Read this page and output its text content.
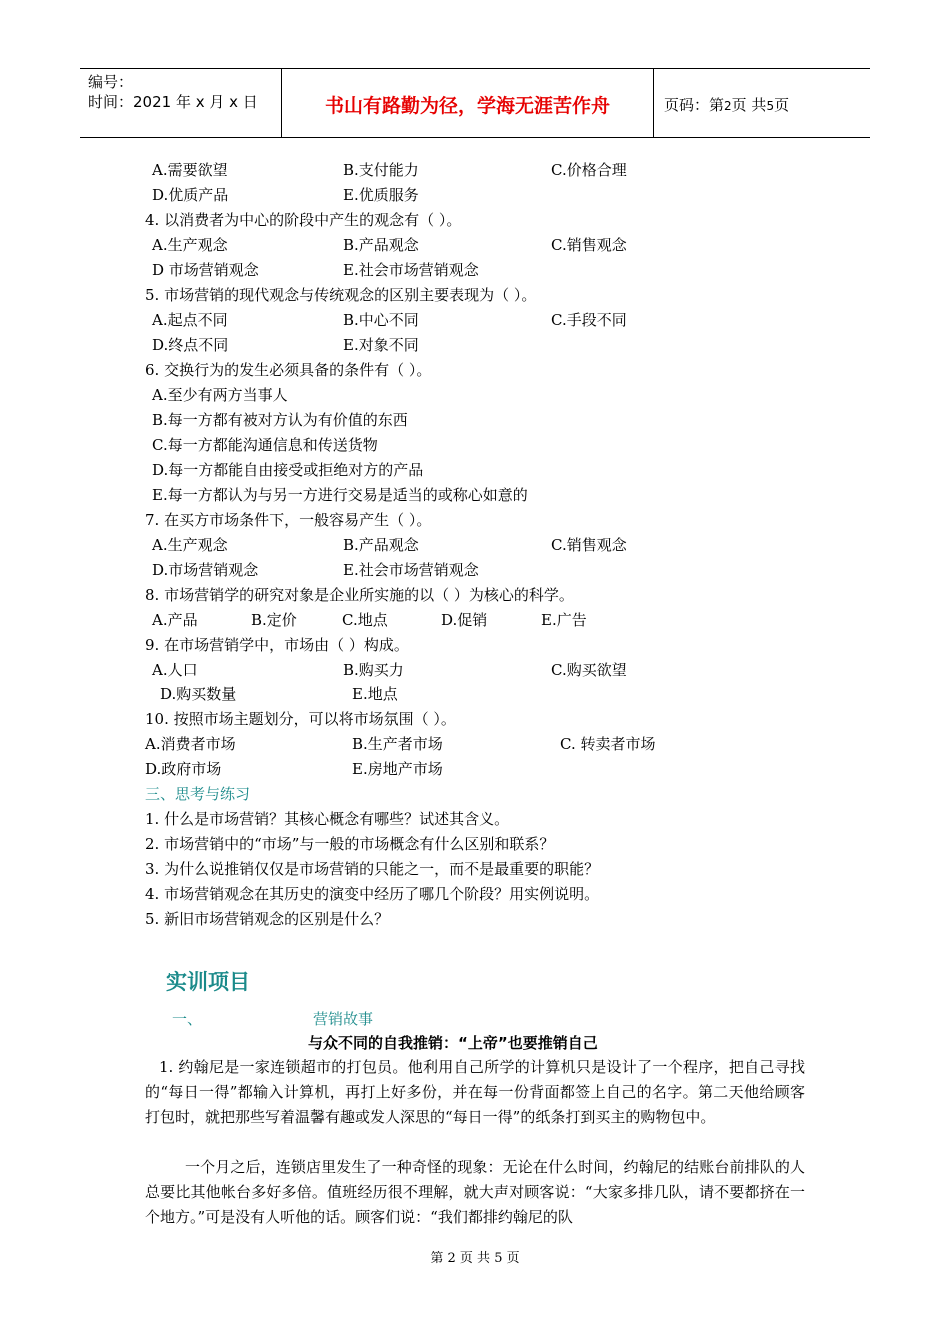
编号：
时间：2021 年 x 月 x 日	书山有路勤为径，学海无涯苦作舟	页码：第2页 共5页
A.需要欲望	B.支付能力	C.价格合理
D.优质产品	E.优质服务
4. 以消费者为中心的阶段中产生的观念有（ ）。
A.生产观念	B.产品观念	C.销售观念
D 市场营销观念	E.社会市场营销观念
5. 市场营销的现代观念与传统观念的区别主要表现为（ ）。
A.起点不同	B.中心不同	C.手段不同
D.终点不同	E.对象不同
6. 交换行为的发生必须具备的条件有（ ）。
A.至少有两方当事人
B.每一方都有被对方认为有价值的东西
C.每一方都能沟通信息和传送货物
D.每一方都能自由接受或拒绝对方的产品
E.每一方都认为与另一方进行交易是适当的或称心如意的
7. 在买方市场条件下，一般容易产生（ ）。
A.生产观念	B.产品观念	C.销售观念
D.市场营销观念	E.社会市场营销观念
8. 市场营销学的研究对象是企业所实施的以（ ）为核心的科学。
A.产品	B.定价	C.地点	D.促销	E.广告
9. 在市场营销学中，市场由（ ）构成。
A.人口	B.购买力	C.购买欲望
D.购买数量	E.地点
10. 按照市场主题划分，可以将市场氛围（ ）。
A.消费者市场	B.生产者市场	C. 转卖者市场
D.政府市场	E.房地产市场
三、思考与练习
1. 什么是市场营销？其核心概念有哪些？试述其含义。
2. 市场营销中的“市场”与一般的市场概念有什么区别和联系？
3. 为什么说推销仅仅是市场营销的只能之一，而不是最重要的职能？
4. 市场营销观念在其历史的演变中经历了哪几个阶段？用实例说明。
5. 新旧市场营销观念的区别是什么？
一、	营销故事
实训项目
与众不同的自我推销：“上帝”也要推销自己
1. 约翰尼是一家连锁超市的打包员。他利用自己所学的计算机只是设计了一个程序，把自己寻找的“每日一得”都输入计算机，再打上好多份，并在每一份背面都签上自己的名字。第二天他给顾客打包时，就把那些写着温馨有趣或发人深思的“每日一得”的纸条打到买主的购物包中。
一个月之后，连锁店里发生了一种奇怪的现象：无论在什么时间，约翰尼的结账台前排队的人总要比其他帐台多好多倍。值班经历很不理解，就大声对顾客说：“大家多排几队，请不要都挤在一个地方。”可是没有人听他的话。顾客们说：“我们都排约翰尼的队
第 2 页 共 5 页
